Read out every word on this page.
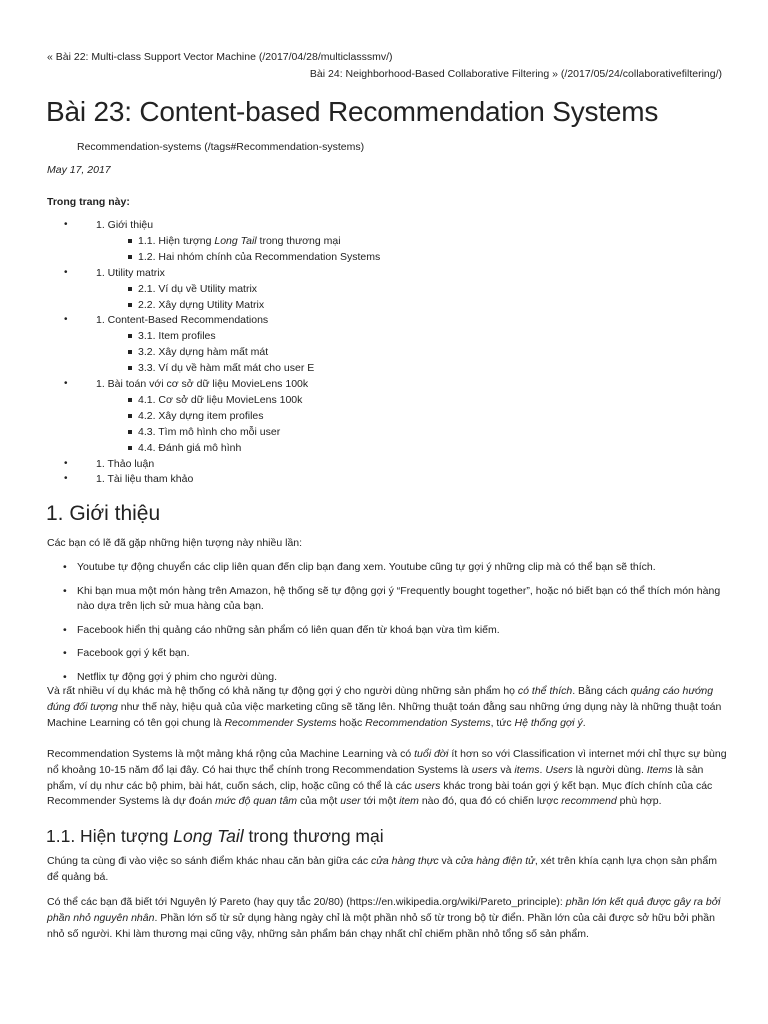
« Bài 22: Multi-class Support Vector Machine (/2017/04/28/multiclasssmv/)
Bài 24: Neighborhood-Based Collaborative Filtering » (/2017/05/24/collaborativefiltering/)
Bài 23: Content-based Recommendation Systems
Recommendation-systems (/tags#Recommendation-systems)
May 17, 2017
Trong trang này:
• 1. Giới thiệu
1.1. Hiện tượng Long Tail trong thương mại
1.2. Hai nhóm chính của Recommendation Systems
• 1. Utility matrix
2.1. Ví dụ về Utility matrix
2.2. Xây dựng Utility Matrix
• 1. Content-Based Recommendations
3.1. Item profiles
3.2. Xây dựng hàm mất mát
3.3. Ví dụ về hàm mất mát cho user E
• 1. Bài toán với cơ sở dữ liệu MovieLens 100k
4.1. Cơ sở dữ liệu MovieLens 100k
4.2. Xây dựng item profiles
4.3. Tìm mô hình cho mỗi user
4.4. Đánh giá mô hình
• 1. Thảo luận
• 1. Tài liệu tham khảo
1. Giới thiệu
Các bạn có lẽ đã gặp những hiện tượng này nhiều lần:
• Youtube tự động chuyển các clip liên quan đến clip bạn đang xem. Youtube cũng tự gợi ý những clip mà có thể bạn sẽ thích.
• Khi bạn mua một món hàng trên Amazon, hệ thống sẽ tự động gợi ý “Frequently bought together”, hoặc nó biết bạn có thể thích món hàng nào dựa trên lịch sử mua hàng của bạn.
• Facebook hiển thị quảng cáo những sản phẩm có liên quan đến từ khoá bạn vừa tìm kiếm.
• Facebook gợi ý kết bạn.
• Netflix tự động gợi ý phim cho người dùng.

Và rất nhiều ví dụ khác mà hệ thống có khả năng tự động gợi ý cho người dùng những sản phẩm họ có thể thích. Bằng cách quảng cáo hướng đúng đối tượng như thế này, hiệu quả của việc marketing cũng sẽ tăng lên. Những thuật toán đằng sau những ứng dụng này là những thuật toán Machine Learning có tên gọi chung là Recommender Systems hoặc Recommendation Systems, tức Hệ thống gợi ý.

Recommendation Systems là một mảng khá rộng của Machine Learning và có tuổi đời ít hơn so với Classification vì internet mới chỉ thực sự bùng nổ khoảng 10-15 năm đổ lại đây. Có hai thực thể chính trong Recommendation Systems là users và items. Users là người dùng. Items là sản phẩm, ví dụ như các bộ phim, bài hát, cuốn sách, clip, hoặc cũng có thể là các users khác trong bài toán gợi ý kết bạn. Mục đích chính của các Recommender Systems là dự đoán mức độ quan tâm của một user tới một item nào đó, qua đó có chiến lược recommend phù hợp.

1.1. Hiện tượng Long Tail trong thương mại

Chúng ta cùng đi vào việc so sánh điểm khác nhau căn bản giữa các cửa hàng thực và cửa hàng điện tử, xét trên khía cạnh lựa chọn sản phẩm để quảng bá.

Có thể các bạn đã biết tới Nguyên lý Pareto (hay quy tắc 20/80) (https://en.wikipedia.org/wiki/Pareto_principle): phần lớn kết quả được gây ra bởi phần nhỏ nguyên nhân. Phần lớn số từ sử dụng hàng ngày chỉ là một phần nhỏ số từ trong bộ từ điển. Phần lớn của cải được sở hữu bởi phần nhỏ số người. Khi làm thương mại cũng vậy, những sản phẩm bán chạy nhất chỉ chiếm phần nhỏ tổng số sản phẩm.
